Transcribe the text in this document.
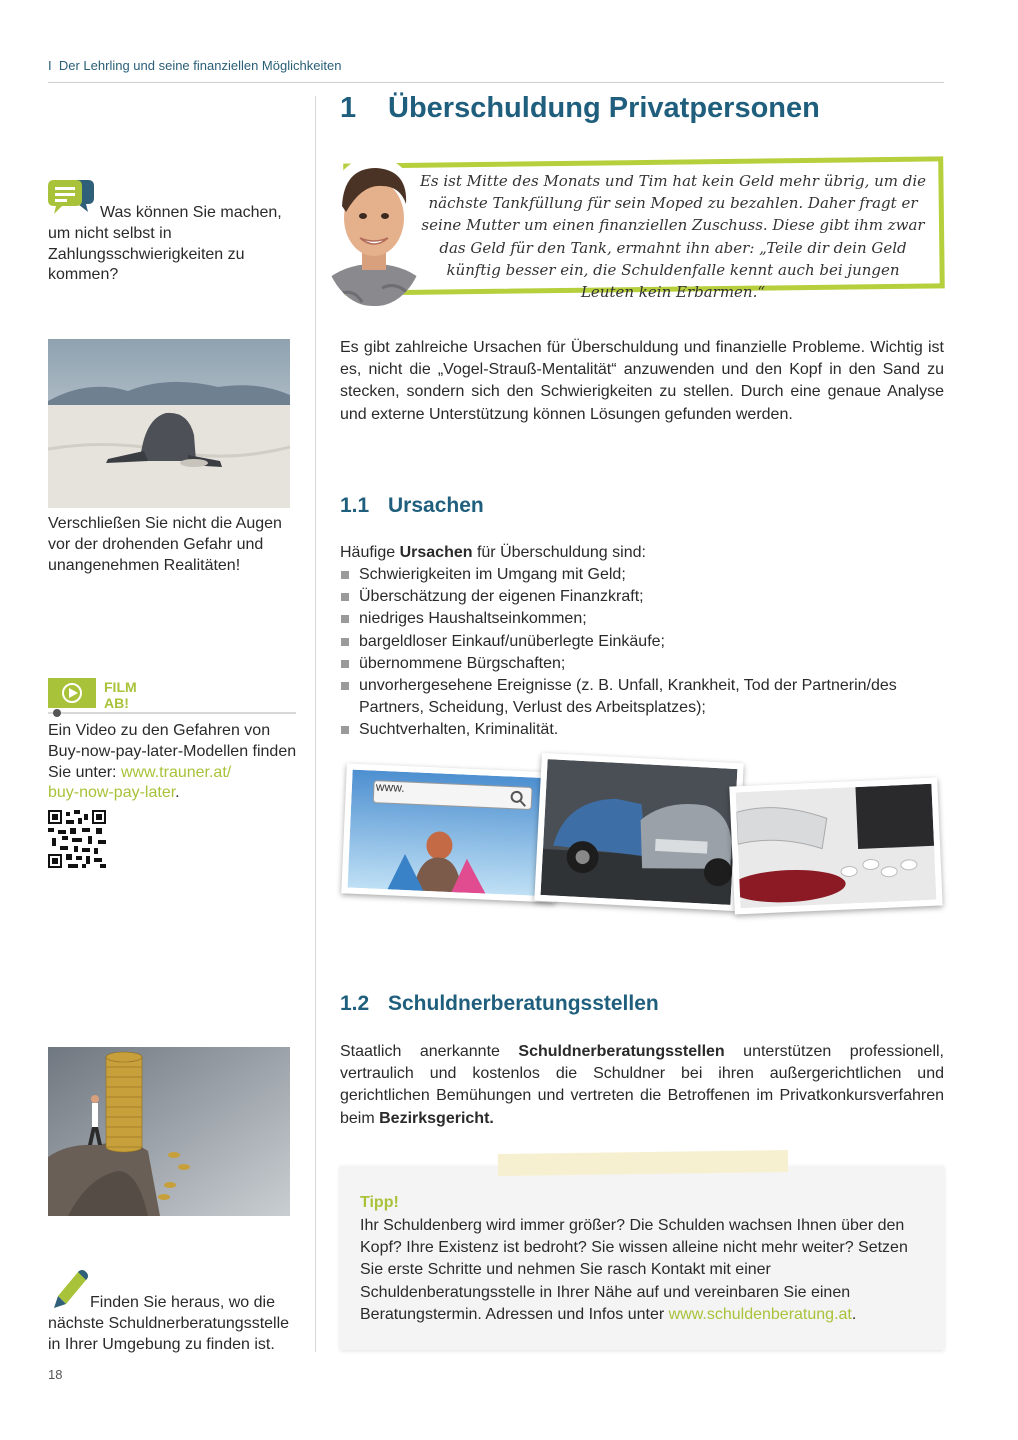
I Der Lehrling und seine finanziellen Möglichkeiten
1 Überschuldung Privatpersonen
Es ist Mitte des Monats und Tim hat kein Geld mehr übrig, um die nächste Tankfüllung für sein Moped zu bezahlen. Daher fragt er seine Mutter um einen finanziellen Zuschuss. Diese gibt ihm zwar das Geld für den Tank, ermahnt ihn aber: „Teile dir dein Geld künftig besser ein, die Schuldenfalle kennt auch bei jungen Leuten kein Erbarmen.“
Es gibt zahlreiche Ursachen für Überschuldung und finanzielle Probleme. Wichtig ist es, nicht die „Vogel-Strauß-Mentalität“ anzuwenden und den Kopf in den Sand zu stecken, sondern sich den Schwierigkeiten zu stellen. Durch eine genaue Analyse und externe Unterstützung können Lösungen gefunden werden.
1.1 Ursachen
Häufige Ursachen für Überschuldung sind:
Schwierigkeiten im Umgang mit Geld;
Überschätzung der eigenen Finanzkraft;
niedriges Haushaltseinkommen;
bargeldloser Einkauf/unüberlegte Einkäufe;
übernommene Bürgschaften;
unvorhergesehene Ereignisse (z. B. Unfall, Krankheit, Tod der Partnerin/des Partners, Scheidung, Verlust des Arbeitsplatzes);
Suchtverhalten, Kriminalität.
www.
1.2 Schuldnerberatungsstellen
Staatlich anerkannte Schuldnerberatungsstellen unterstützen professionell, vertraulich und kostenlos die Schuldner bei ihren außergerichtlichen und gerichtlichen Bemühungen und vertreten die Betroffenen im Privatkonkursverfahren beim Bezirksgericht.
Tipp!
Ihr Schuldenberg wird immer größer? Die Schulden wachsen Ihnen über den Kopf? Ihre Existenz ist bedroht? Sie wissen alleine nicht mehr weiter? Setzen Sie erste Schritte und nehmen Sie rasch Kontakt mit einer Schuldenberatungsstelle in Ihrer Nähe auf und vereinbaren Sie einen Beratungstermin. Adressen und Infos unter www.schuldenberatung.at.
Was können Sie machen, um nicht selbst in Zahlungsschwierigkeiten zu kommen?
Verschließen Sie nicht die Augen vor der drohenden Gefahr und unangenehmen Realitäten!
FILM
AB!
Ein Video zu den Gefahren von Buy-now-pay-later-Modellen finden Sie unter: www.trauner.at/
buy-now-pay-later.
Finden Sie heraus, wo die nächste Schuldnerberatungsstelle in Ihrer Umgebung zu finden ist.
18
